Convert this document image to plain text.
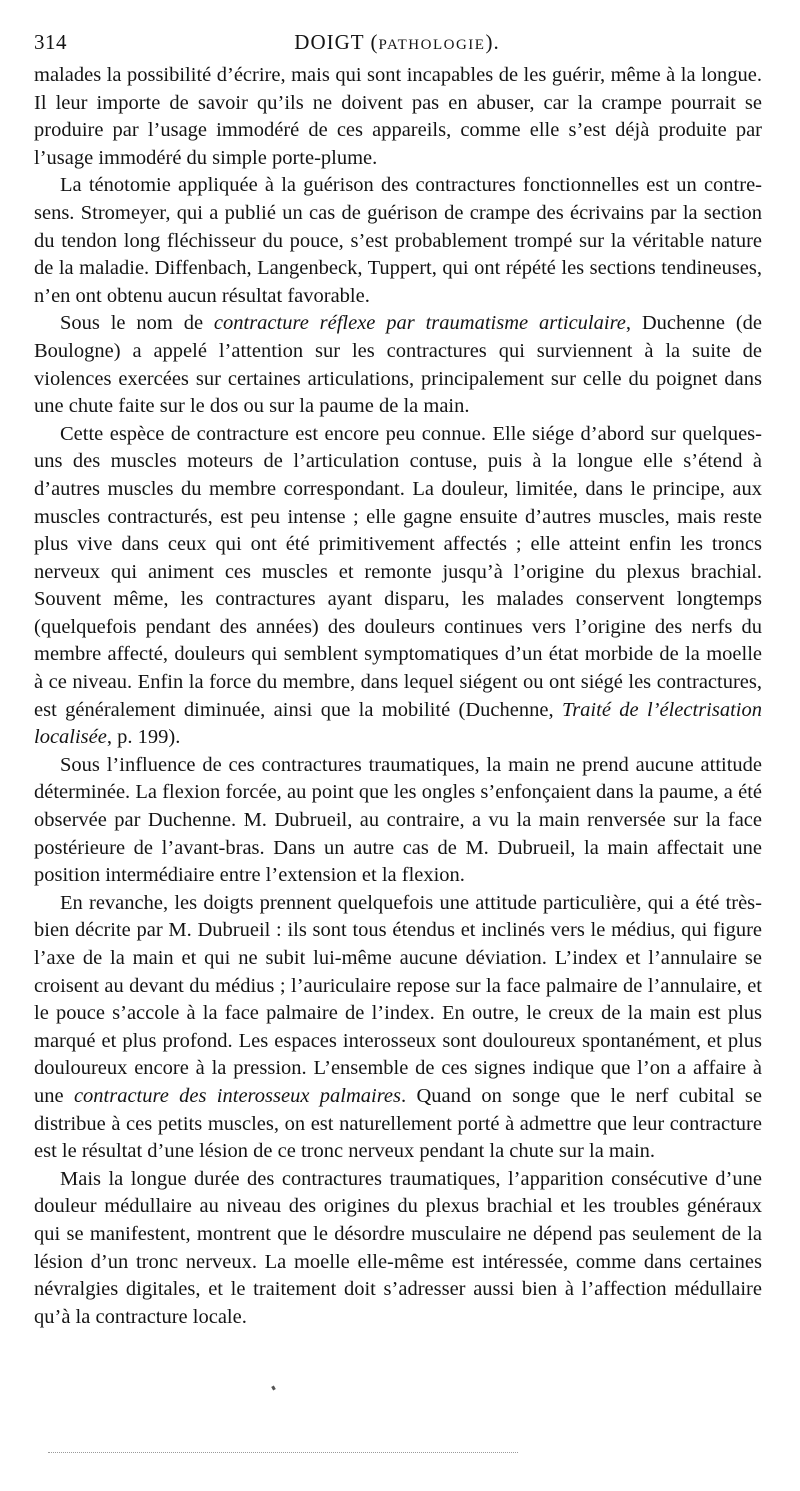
314	DOIGT (PATHOLOGIE).

malades la possibilité d’écrire, mais qui sont incapables de les guérir, même à la longue. Il leur importe de savoir qu’ils ne doivent pas en abuser, car la crampe pourrait se produire par l’usage immodéré de ces appareils, comme elle s’est déjà produite par l’usage immodéré du simple porte-plume.

La ténotomie appliquée à la guérison des contractures fonctionnelles est un contre-sens. Stromeyer, qui a publié un cas de guérison de crampe des écrivains par la section du tendon long fléchisseur du pouce, s’est probablement trompé sur la véritable nature de la maladie. Diffenbach, Langenbeck, Tuppert, qui ont répété les sections tendineuses, n’en ont obtenu aucun résultat favorable.

Sous le nom de contracture réflexe par traumatisme articulaire, Duchenne (de Boulogne) a appelé l’attention sur les contractures qui surviennent à la suite de violences exercées sur certaines articulations, principalement sur celle du poignet dans une chute faite sur le dos ou sur la paume de la main.

Cette espèce de contracture est encore peu connue. Elle siége d’abord sur quelques-uns des muscles moteurs de l’articulation contuse, puis à la longue elle s’étend à d’autres muscles du membre correspondant. La douleur, limitée, dans le principe, aux muscles contracturés, est peu intense ; elle gagne ensuite d’autres muscles, mais reste plus vive dans ceux qui ont été primitivement affectés ; elle atteint enfin les troncs nerveux qui animent ces muscles et remonte jusqu’à l’origine du plexus brachial. Souvent même, les contractures ayant disparu, les malades conservent longtemps (quelquefois pendant des années) des douleurs continues vers l’origine des nerfs du membre affecté, douleurs qui semblent symptomatiques d’un état morbide de la moelle à ce niveau. Enfin la force du membre, dans lequel siégent ou ont siégé les contractures, est généralement diminuée, ainsi que la mobilité (Duchenne, Traité de l’électrisation localisée, p. 199).

Sous l’influence de ces contractures traumatiques, la main ne prend aucune attitude déterminée. La flexion forcée, au point que les ongles s’enfonçaient dans la paume, a été observée par Duchenne. M. Dubrueil, au contraire, a vu la main renversée sur la face postérieure de l’avant-bras. Dans un autre cas de M. Dubrueil, la main affectait une position intermédiaire entre l’extension et la flexion.

En revanche, les doigts prennent quelquefois une attitude particulière, qui a été très-bien décrite par M. Dubrueil : ils sont tous étendus et inclinés vers le médius, qui figure l’axe de la main et qui ne subit lui-même aucune déviation. L’index et l’annulaire se croisent au devant du médius ; l’auriculaire repose sur la face palmaire de l’annulaire, et le pouce s’accole à la face palmaire de l’index. En outre, le creux de la main est plus marqué et plus profond. Les espaces interosseux sont douloureux spontanément, et plus douloureux encore à la pression. L’ensemble de ces signes indique que l’on a affaire à une contracture des interosseux palmaires. Quand on songe que le nerf cubital se distribue à ces petits muscles, on est naturellement porté à admettre que leur contracture est le résultat d’une lésion de ce tronc nerveux pendant la chute sur la main.

Mais la longue durée des contractures traumatiques, l’apparition consécutive d’une douleur médullaire au niveau des origines du plexus brachial et les troubles généraux qui se manifestent, montrent que le désordre musculaire ne dépend pas seulement de la lésion d’un tronc nerveux. La moelle elle-même est intéressée, comme dans certaines névralgies digitales, et le traitement doit s’adresser aussi bien à l’affection médullaire qu’à la contracture locale.
